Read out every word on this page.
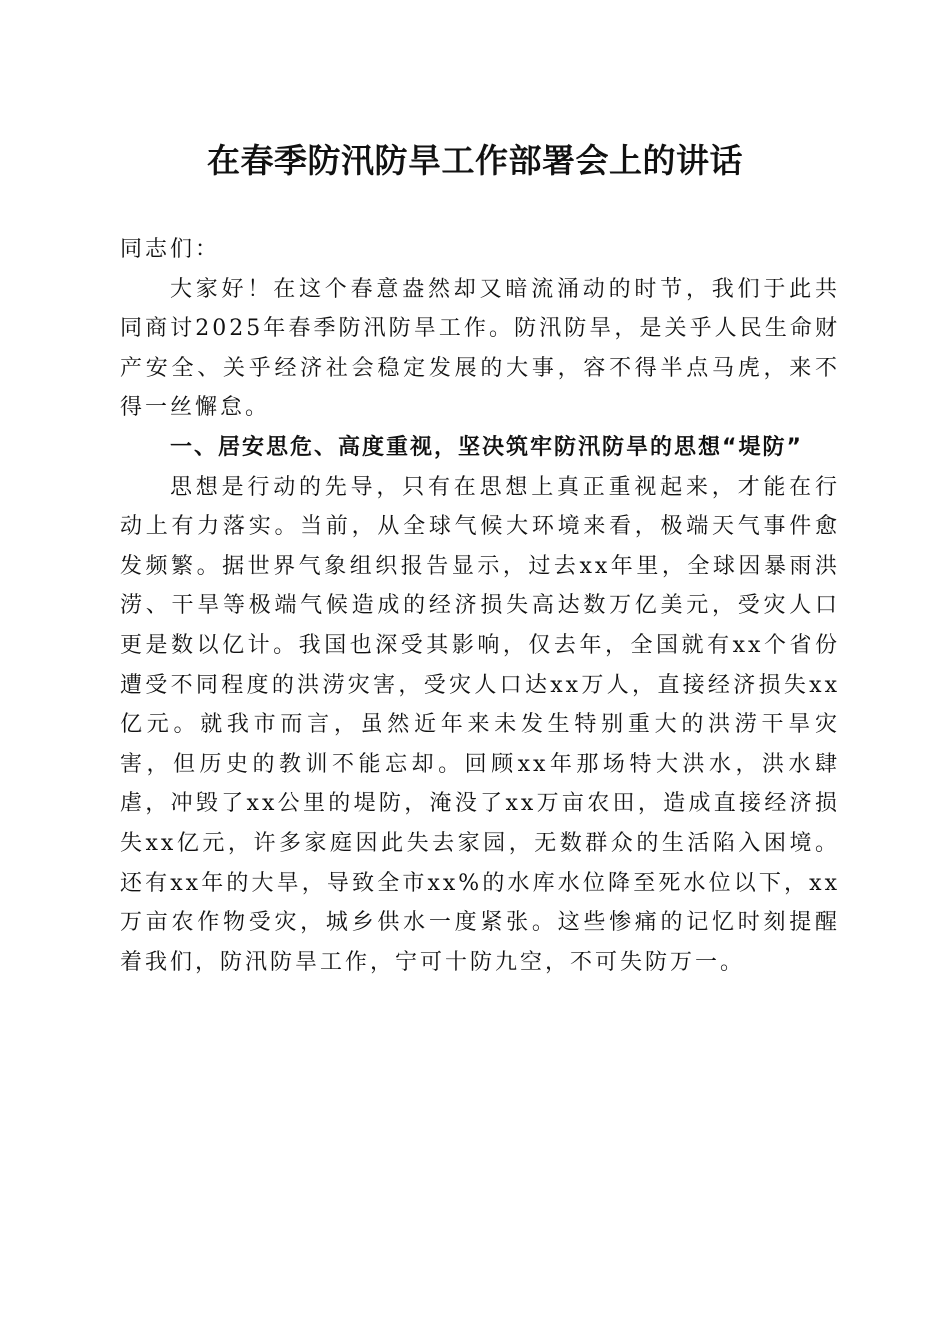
在春季防汛防旱工作部署会上的讲话

同志们：

大家好！在这个春意盎然却又暗流涌动的时节，我们于此共同商讨2025年春季防汛防旱工作。防汛防旱，是关乎人民生命财产安全、关乎经济社会稳定发展的大事，容不得半点马虎，来不得一丝懈怠。

一、居安思危、高度重视，坚决筑牢防汛防旱的思想“堤防”

思想是行动的先导，只有在思想上真正重视起来，才能在行动上有力落实。当前，从全球气候大环境来看，极端天气事件愈发频繁。据世界气象组织报告显示，过去xx年里，全球因暴雨洪涝、干旱等极端气候造成的经济损失高达数万亿美元，受灾人口更是数以亿计。我国也深受其影响，仅去年，全国就有xx个省份遭受不同程度的洪涝灾害，受灾人口达xx万人，直接经济损失xx亿元。就我市而言，虽然近年来未发生特别重大的洪涝干旱灾害，但历史的教训不能忘却。回顾xx年那场特大洪水，洪水肆虐，冲毁了xx公里的堤防，淹没了xx万亩农田，造成直接经济损失xx亿元，许多家庭因此失去家园，无数群众的生活陷入困境。还有xx年的大旱，导致全市xx%的水库水位降至死水位以下，xx万亩农作物受灾，城乡供水一度紧张。这些惨痛的记忆时刻提醒着我们，防汛防旱工作，宁可十防九空，不可失防万一。
